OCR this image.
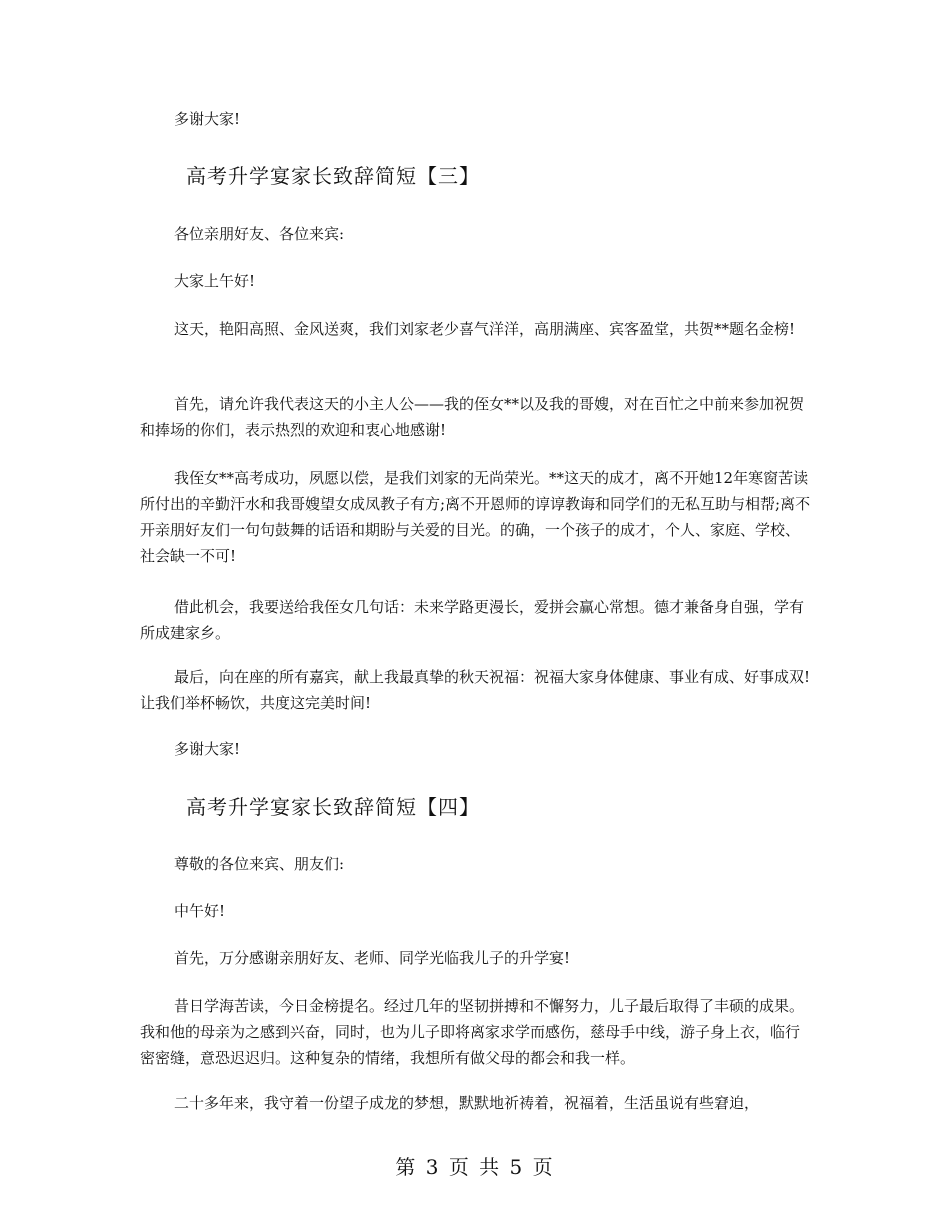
多谢大家!

高考升学宴家长致辞简短【三】

各位亲朋好友、各位来宾:

大家上午好!

这天，艳阳高照、金风送爽，我们刘家老少喜气洋洋，高朋满座、宾客盈堂，共贺**题名金榜!

首先，请允许我代表这天的小主人公——我的侄女**以及我的哥嫂，对在百忙之中前来参加祝贺和捧场的你们，表示热烈的欢迎和衷心地感谢!

我侄女**高考成功，夙愿以偿，是我们刘家的无尚荣光。**这天的成才，离不开她12年寒窗苦读所付出的辛勤汗水和我哥嫂望女成凤教子有方;离不开恩师的谆谆教诲和同学们的无私互助与相帮;离不开亲朋好友们一句句鼓舞的话语和期盼与关爱的目光。的确，一个孩子的成才，个人、家庭、学校、社会缺一不可!

借此机会，我要送给我侄女几句话：未来学路更漫长，爱拼会赢心常想。德才兼备身自强，学有所成建家乡。

最后，向在座的所有嘉宾，献上我最真挚的秋天祝福：祝福大家身体健康、事业有成、好事成双!让我们举杯畅饮，共度这完美时间!

多谢大家!

高考升学宴家长致辞简短【四】

尊敬的各位来宾、朋友们:

中午好!

首先，万分感谢亲朋好友、老师、同学光临我儿子的升学宴!

昔日学海苦读，今日金榜提名。经过几年的坚韧拼搏和不懈努力，儿子最后取得了丰硕的成果。我和他的母亲为之感到兴奋，同时，也为儿子即将离家求学而感伤，慈母手中线，游子身上衣，临行密密缝，意恐迟迟归。这种复杂的情绪，我想所有做父母的都会和我一样。

二十多年来，我守着一份望子成龙的梦想，默默地祈祷着，祝福着，生活虽说有些窘迫，

第 3 页 共 5 页
